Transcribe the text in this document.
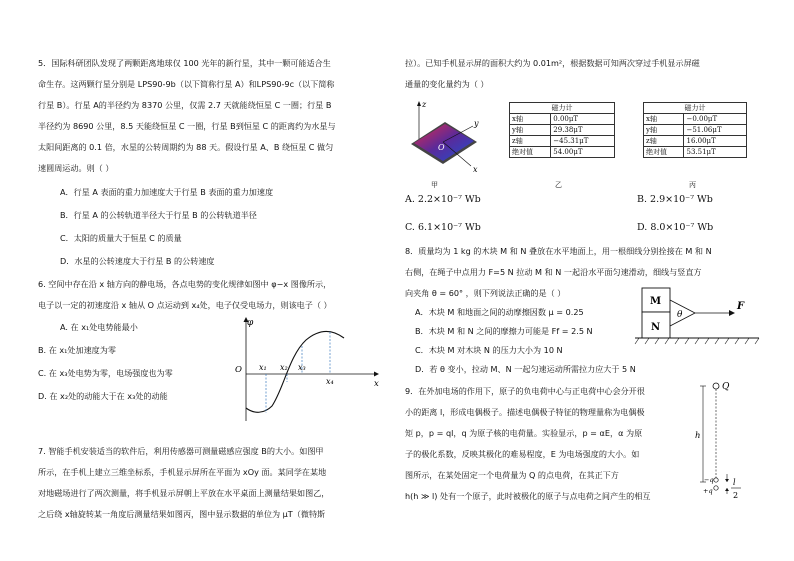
5．国际科研团队发现了两颗距离地球仅 100 光年的新行星，其中一颗可能适合生
命生存。这两颗行星分别是 LPS90-9b（以下简称行星 A）和LPS90-9c（以下简称
行星 B）。行星 A的半径约为 8370 公里，仅需 2.7 天就能绕恒星 C 一圈；行星 B
半径约为 8690 公里，8.5 天能绕恒星 C 一圈，行星 B到恒星 C 的距离约为水星与
太阳间距离的 0.1 倍，水星的公转周期约为 88 天。假设行星 A、B 绕恒星 C 做匀
速圆周运动。则（ ）
A．行星 A 表面的重力加速度大于行星 B 表面的重力加速度
B．行星 A 的公转轨道半径大于行星 B 的公转轨道半径
C．太阳的质量大于恒星 C 的质量
D．水星的公转速度大于行星 B 的公转速度
6. 空间中存在沿 x 轴方向的静电场，各点电势的变化规律如图中 φ−x 图像所示，
电子以一定的初速度沿 x 轴从 O 点运动到 x₄处，电子仅受电场力，则该电子（ ）
A. 在 x₁处电势能最小
B. 在 x₁处加速度为零
C. 在 x₃处电势为零，电场强度也为零
D. 在 x₂处的动能大于在 x₃处的动能
φ
O x₁ x₂ x₃
x₄	x
7. 智能手机安装适当的软件后，利用传感器可测量磁感应强度 B的大小。如图甲
所示，在手机上建立三维坐标系，手机显示屏所在平面为 xOy 面。某同学在某地
对地磁场进行了两次测量，将手机显示屏朝上平放在水平桌面上测量结果如图乙，
之后绕 x轴旋转某一角度后测量结果如图丙，图中显示数据的单位为 μT（微特斯
拉）。已知手机显示屏的面积大约为 0.01m²，根据数据可知两次穿过手机显示屏磁
通量的变化量约为（ ）
z
y
x
O
甲
磁力计	
x轴	0.00μT
y轴	29.38μT
z轴	−45.31μT
绝对值	54.00μT
乙
磁力计	
x轴	−0.00μT
y轴	−51.06μT
z轴	16.00μT
绝对值	53.51μT
丙
A. 2.2×10⁻⁷ Wb	B. 2.9×10⁻⁷ Wb
C. 6.1×10⁻⁷ Wb	D. 8.0×10⁻⁷ Wb
8．质量均为 1 kg 的木块 M 和 N 叠放在水平地面上，用一根细线分别拴接在 M 和 N
右侧，在绳子中点用力 F=5 N 拉动 M 和 N 一起沿水平面匀速滑动，细线与竖直方
向夹角 θ = 60° ，则下列说法正确的是（ ）
A．木块 M 和地面之间的动摩擦因数 μ = 0.25
B．木块 M 和 N 之间的摩擦力可能是 Ff = 2.5 N
C．木块 M 对木块 N 的压力大小为 10 N
D．若 θ 变小，拉动 M、N 一起匀速运动所需拉力应大于 5 N
M
N
θ
F
9．在外加电场的作用下，原子的负电荷中心与正电荷中心会分开很
小的距离 l，形成电偶极子。描述电偶极子特征的物理量称为电偶极
矩 p，p = ql，q 为原子核的电荷量。实验显示，p = αE，α 为原
子的极化系数，反映其极化的难易程度，E 为电场强度的大小。如
图所示，在某处固定一个电荷量为 Q 的点电荷，在其正下方
h(h ≫ l) 处有一个原子，此时被极化的原子与点电荷之间产生的相互
Q
h
−q
+q
l
2
